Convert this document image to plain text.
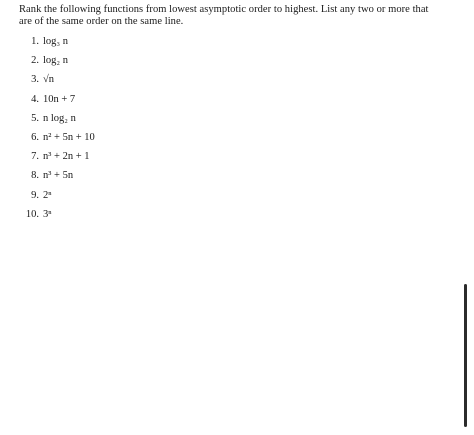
Rank the following functions from lowest asymptotic order to highest. List any two or more that
are of the same order on the same line.

1. log₃ n
2. log₂ n
3. √n
4. 10n + 7
5. n log₂ n
6. n² + 5n + 10
7. n³ + 2n + 1
8. n³ + 5n
9. 2ⁿ
10. 3ⁿ
